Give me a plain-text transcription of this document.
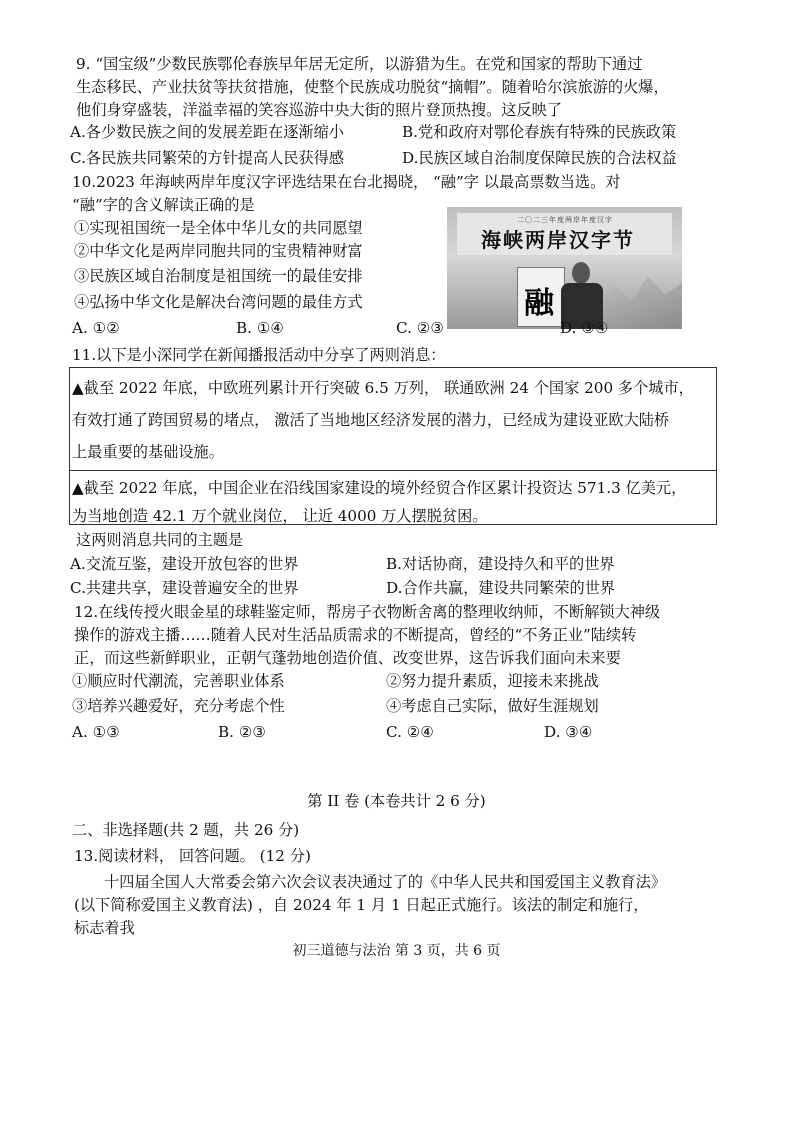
9. “国宝级”少数民族鄂伦春族早年居无定所，以游猎为生。在党和国家的帮助下通过
生态移民、产业扶贫等扶贫措施，使整个民族成功脱贫“摘帽”。随着哈尔滨旅游的火爆，
他们身穿盛装，洋溢幸福的笑容巡游中央大街的照片登顶热搜。这反映了
A.各少数民族之间的发展差距在逐渐缩小	B.党和政府对鄂伦春族有特殊的民族政策
C.各民族共同繁荣的方针提高人民获得感	D.民族区域自治制度保障民族的合法权益
10.2023 年海峡两岸年度汉字评选结果在台北揭晓， “融”字 以最高票数当选。对
“融”字的含义解读正确的是
①实现祖国统一是全体中华儿女的共同愿望
②中华文化是两岸同胞共同的宝贵精神财富
③民族区域自治制度是祖国统一的最佳安排
④弘扬中华文化是解决台湾问题的最佳方式
二〇二三年度两岸年度汉字
海峡两岸汉字节
融
A. ①②	B. ①④	C. ②③	D. ③④
11.以下是小深同学在新闻播报活动中分享了两则消息：
▲截至 2022 年底，中欧班列累计开行突破 6.5 万列， 联通欧洲 24 个国家 200 多个城市，
有效打通了跨国贸易的堵点， 激活了当地地区经济发展的潜力，已经成为建设亚欧大陆桥
上最重要的基础设施。
▲截至 2022 年底，中国企业在沿线国家建设的境外经贸合作区累计投资达 571.3 亿美元，
为当地创造 42.1 万个就业岗位， 让近 4000 万人摆脱贫困。
这两则消息共同的主题是
A.交流互鉴，建设开放包容的世界	B.对话协商，建设持久和平的世界
C.共建共享，建设普遍安全的世界	D.合作共赢，建设共同繁荣的世界
12.在线传授火眼金星的球鞋鉴定师，帮房子衣物断舍离的整理收纳师，不断解锁大神级
操作的游戏主播……随着人民对生活品质需求的不断提高，曾经的“不务正业”陆续转
正，而这些新鲜职业，正朝气蓬勃地创造价值、改变世界，这告诉我们面向未来要
①顺应时代潮流，完善职业体系	②努力提升素质，迎接未来挑战
③培养兴趣爱好，充分考虑个性	④考虑自己实际，做好生涯规划
A. ①③	B. ②③	C. ②④	D. ③④
第 II 卷 (本卷共计 2 6 分)
二、非选择题(共 2 题，共 26 分)
13.阅读材料， 回答问题。 (12 分)
十四届全国人大常委会第六次会议表决通过了的《中华人民共和国爱国主义教育法》
(以下简称爱国主义教育法) ，自 2024 年 1 月 1 日起正式施行。该法的制定和施行，
标志着我
初三道德与法治 第 3 页，共 6 页
